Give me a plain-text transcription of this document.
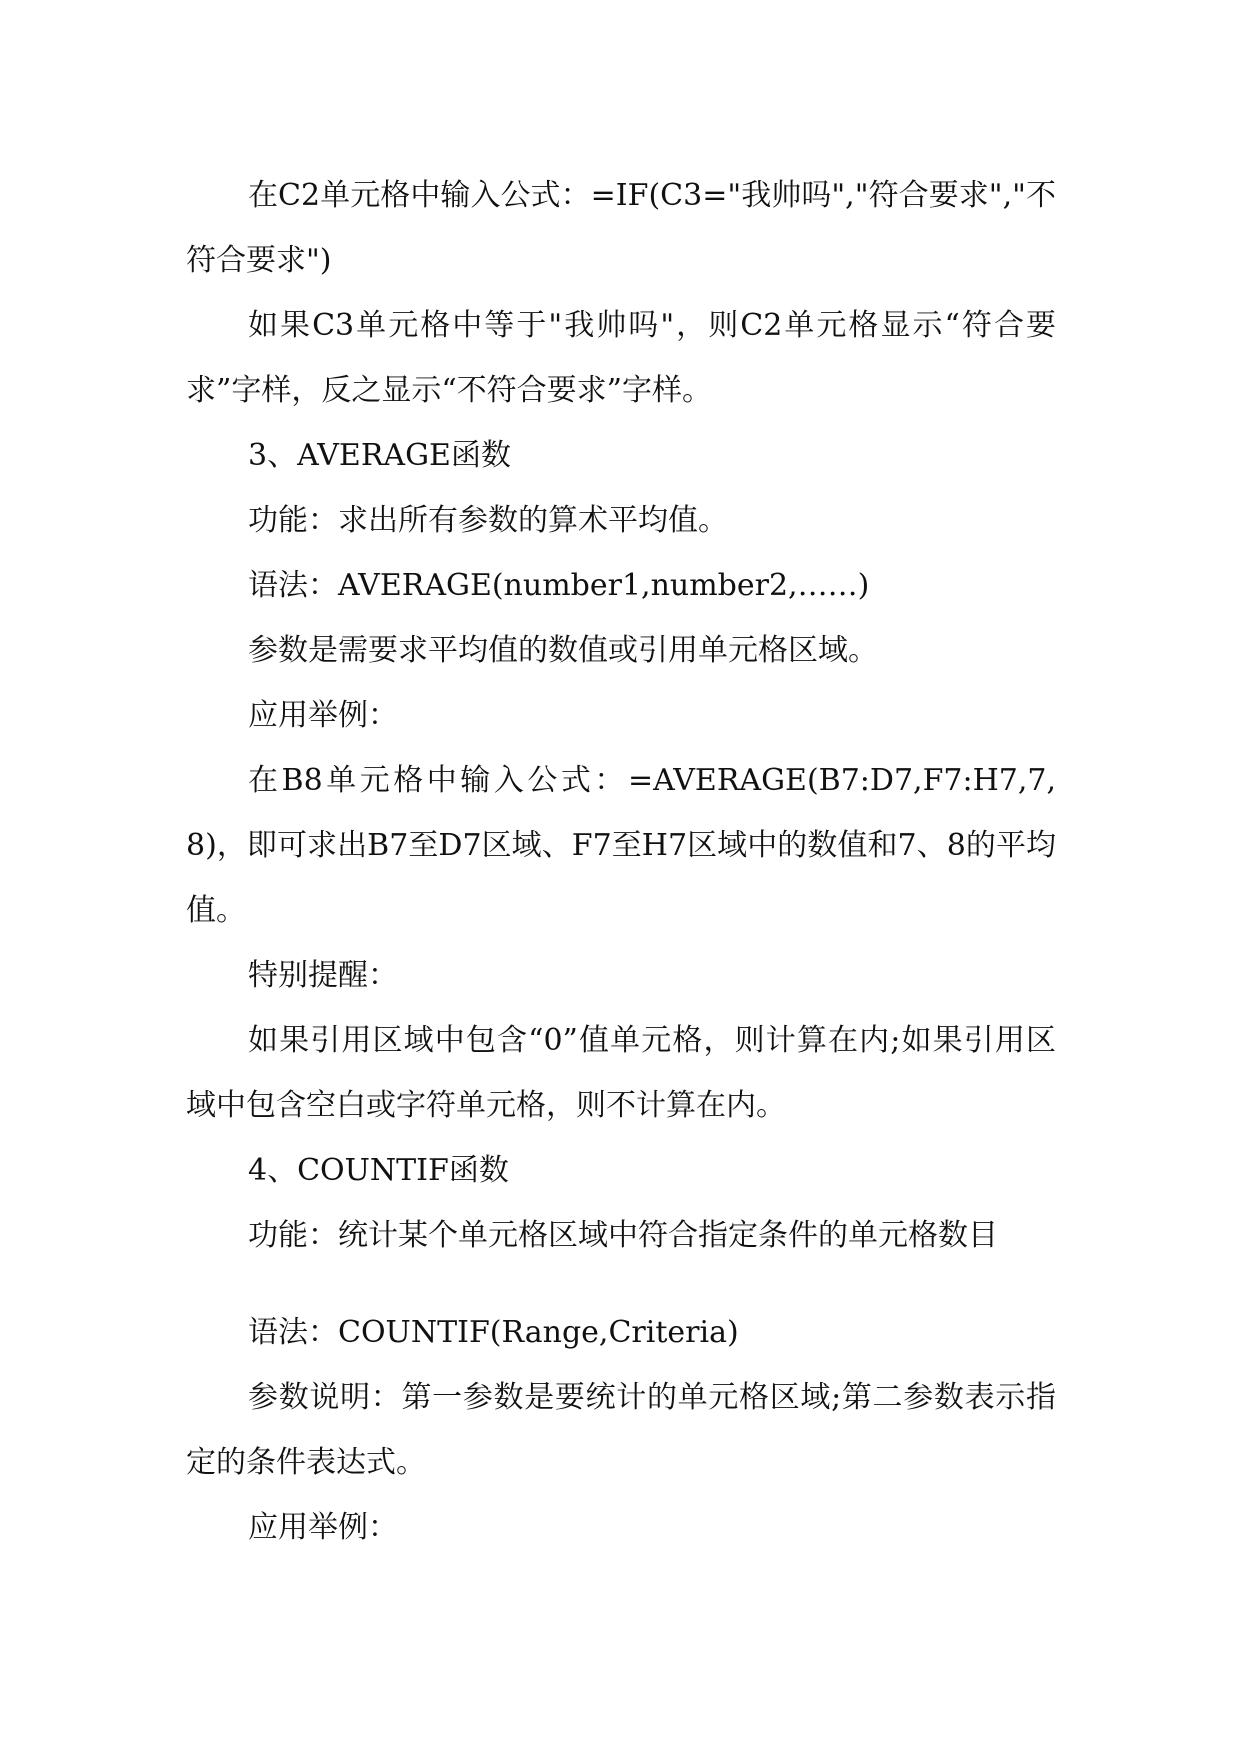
在C2单元格中输入公式：=IF(C3="我帅吗","符合要求","不符合要求")

如果C3单元格中等于"我帅吗"，则C2单元格显示“符合要求”字样，反之显示“不符合要求”字样。

3、AVERAGE函数

功能：求出所有参数的算术平均值。

语法：AVERAGE(number1,number2,……)

参数是需要求平均值的数值或引用单元格区域。

应用举例：

在B8单元格中输入公式：=AVERAGE(B7:D7,F7:H7,7,8)，即可求出B7至D7区域、F7至H7区域中的数值和7、8的平均值。

特别提醒：

如果引用区域中包含“0”值单元格，则计算在内;如果引用区域中包含空白或字符单元格，则不计算在内。

4、COUNTIF函数

功能：统计某个单元格区域中符合指定条件的单元格数目

语法：COUNTIF(Range,Criteria)

参数说明：第一参数是要统计的单元格区域;第二参数表示指定的条件表达式。

应用举例：
